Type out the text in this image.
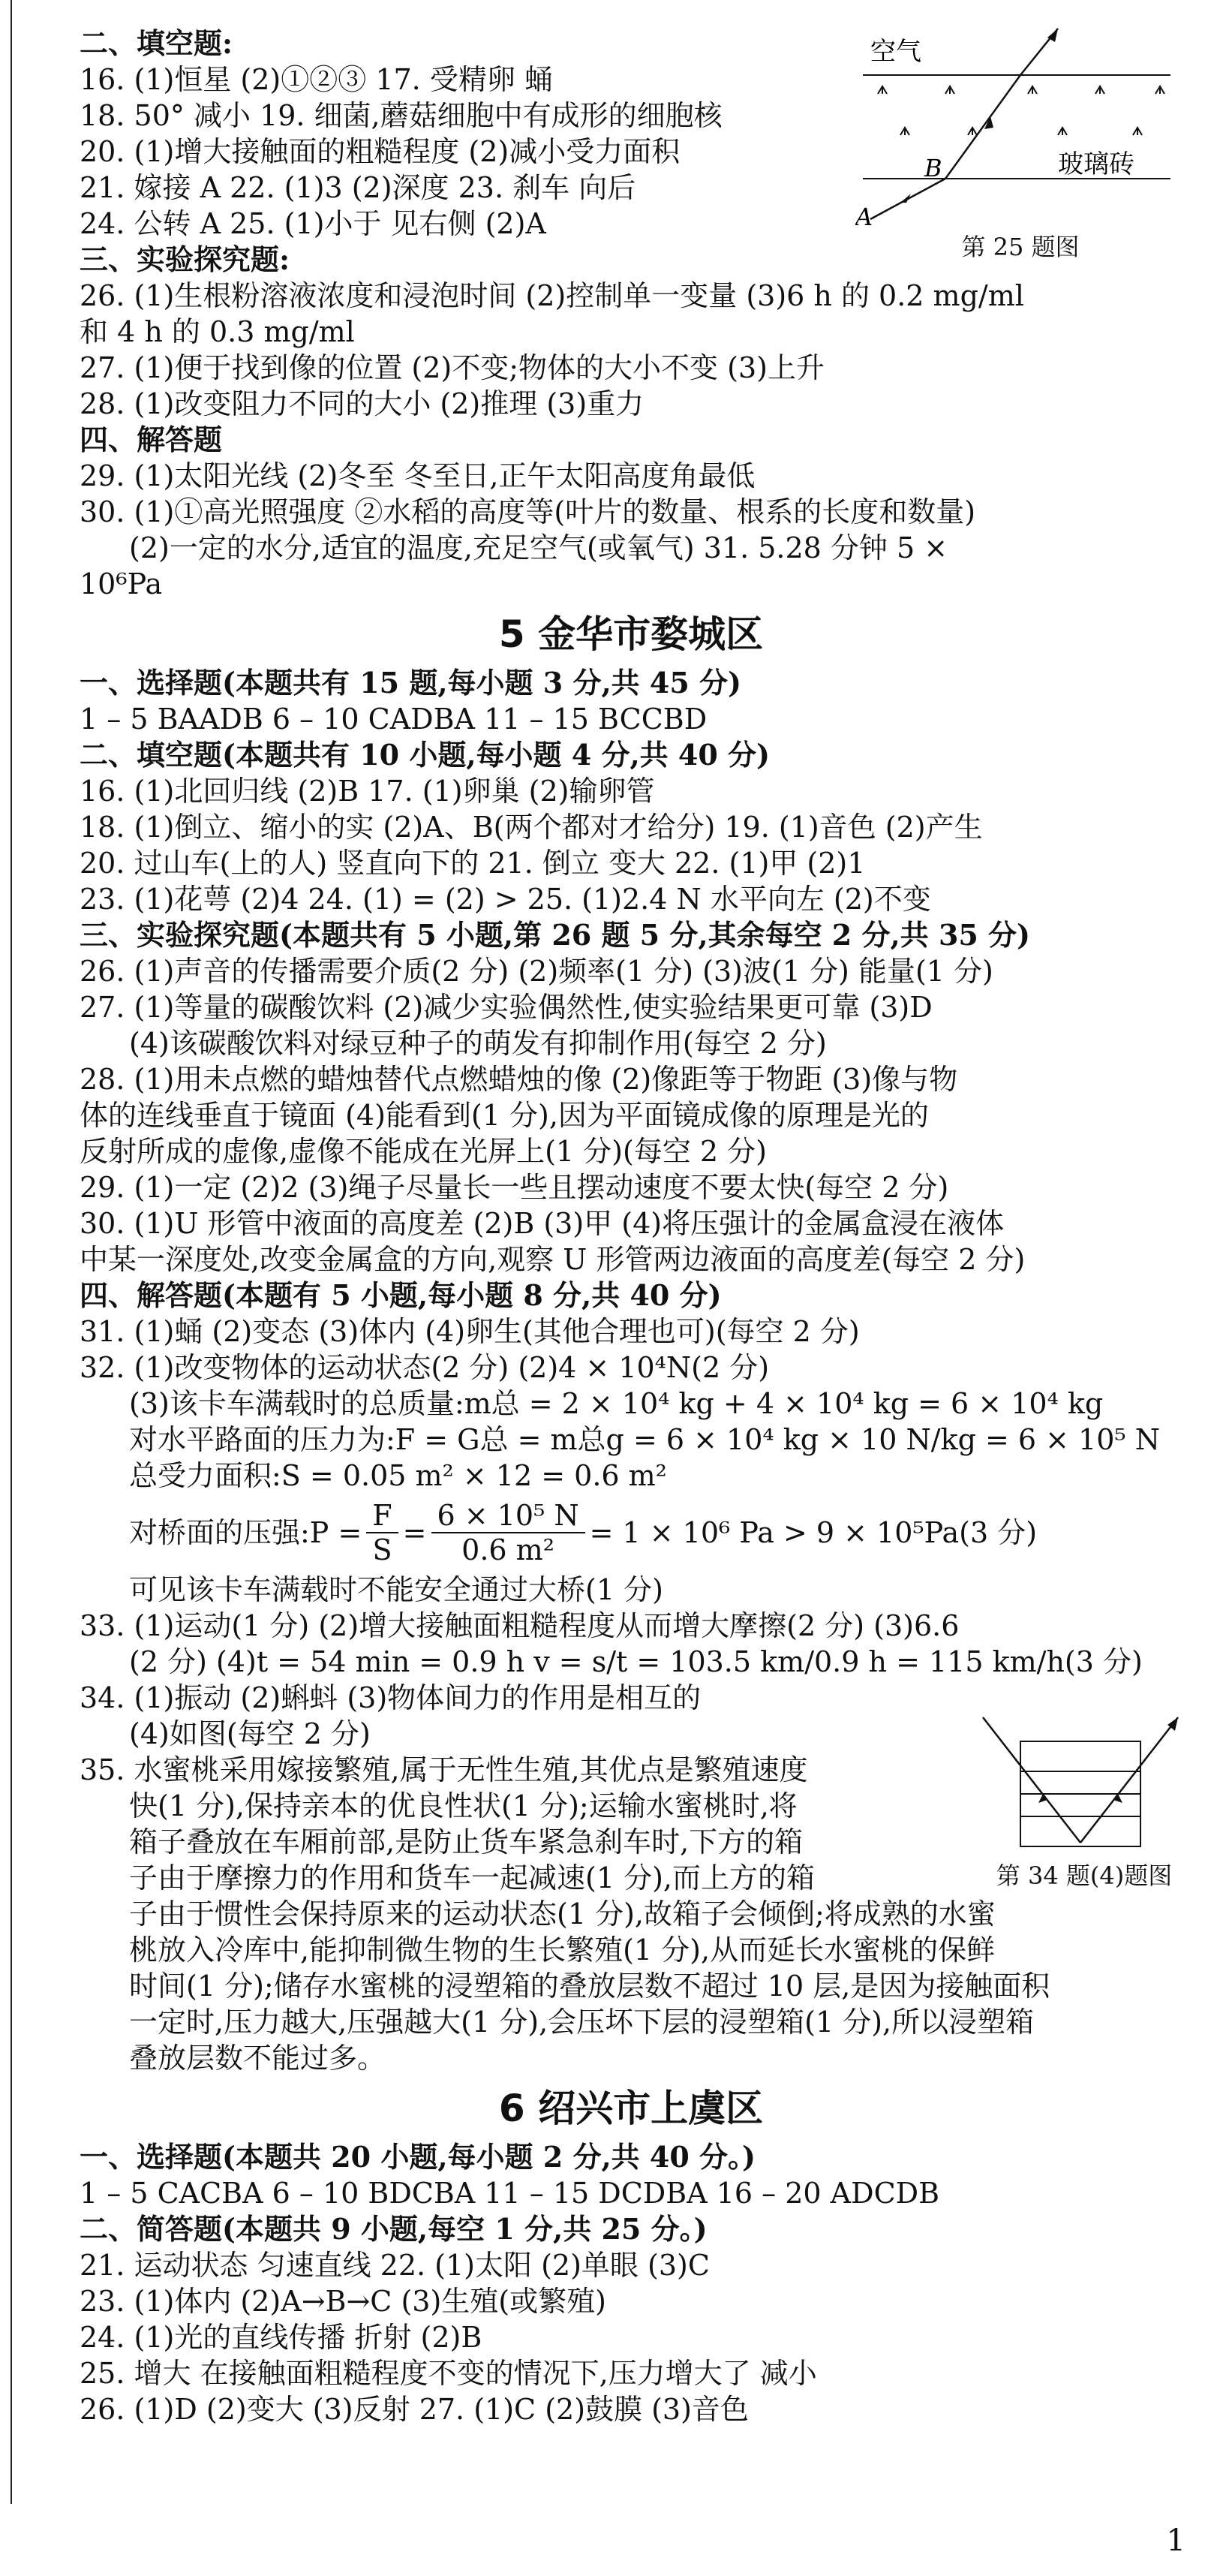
二、填空题:
16. (1)恒星 (2)①②③ 17. 受精卵 蛹
18. 50° 减小 19. 细菌,蘑菇细胞中有成形的细胞核
20. (1)增大接触面的粗糙程度 (2)减小受力面积
21. 嫁接 A 22. (1)3 (2)深度 23. 刹车 向后
24. 公转 A 25. (1)小于 见右侧 (2)A
三、实验探究题:
26. (1)生根粉溶液浓度和浸泡时间 (2)控制单一变量 (3)6 h 的 0.2 mg/ml
和 4 h 的 0.3 mg/ml
27. (1)便于找到像的位置 (2)不变;物体的大小不变 (3)上升
28. (1)改变阻力不同的大小 (2)推理 (3)重力
四、解答题
29. (1)太阳光线 (2)冬至 冬至日,正午太阳高度角最低
30. (1)①高光照强度 ②水稻的高度等(叶片的数量、根系的长度和数量)
(2)一定的水分,适宜的温度,充足空气(或氧气) 31. 5.28 分钟 5 ×
10⁶Pa
5 金华市婺城区
一、选择题(本题共有 15 题,每小题 3 分,共 45 分)
1 – 5 BAADB 6 – 10 CADBA 11 – 15 BCCBD
二、填空题(本题共有 10 小题,每小题 4 分,共 40 分)
16. (1)北回归线 (2)B 17. (1)卵巢 (2)输卵管
18. (1)倒立、缩小的实 (2)A、B(两个都对才给分) 19. (1)音色 (2)产生
20. 过山车(上的人) 竖直向下的 21. 倒立 变大 22. (1)甲 (2)1
23. (1)花萼 (2)4 24. (1) = (2) > 25. (1)2.4 N 水平向左 (2)不变
三、实验探究题(本题共有 5 小题,第 26 题 5 分,其余每空 2 分,共 35 分)
26. (1)声音的传播需要介质(2 分) (2)频率(1 分) (3)波(1 分) 能量(1 分)
27. (1)等量的碳酸饮料 (2)减少实验偶然性,使实验结果更可靠 (3)D
(4)该碳酸饮料对绿豆种子的萌发有抑制作用(每空 2 分)
28. (1)用未点燃的蜡烛替代点燃蜡烛的像 (2)像距等于物距 (3)像与物
体的连线垂直于镜面 (4)能看到(1 分),因为平面镜成像的原理是光的
反射所成的虚像,虚像不能成在光屏上(1 分)(每空 2 分)
29. (1)一定 (2)2 (3)绳子尽量长一些且摆动速度不要太快(每空 2 分)
30. (1)U 形管中液面的高度差 (2)B (3)甲 (4)将压强计的金属盒浸在液体
中某一深度处,改变金属盒的方向,观察 U 形管两边液面的高度差(每空 2 分)
四、解答题(本题有 5 小题,每小题 8 分,共 40 分)
31. (1)蛹 (2)变态 (3)体内 (4)卵生(其他合理也可)(每空 2 分)
32. (1)改变物体的运动状态(2 分) (2)4 × 10⁴N(2 分)
(3)该卡车满载时的总质量:m总 = 2 × 10⁴ kg + 4 × 10⁴ kg = 6 × 10⁴ kg
对水平路面的压力为:F = G总 = m总g = 6 × 10⁴ kg × 10 N/kg = 6 × 10⁵ N
总受力面积:S = 0.05 m² × 12 = 0.6 m²
对桥面的压强:P = $\frac{F}{S} = \frac{\text{6 × 10⁵ N}}{\text{0.6 m²}} = 1 \times 10^6$ Pa > 9 × 10⁵Pa(3 分)
可见该卡车满载时不能安全通过大桥(1 分)
33. (1)运动(1 分) (2)增大接触面粗糙程度从而增大摩擦(2 分) (3)6.6
(2 分) (4)t = 54 min = 0.9 h v = s/t = 103.5 km/0.9 h = 115 km/h(3 分)
34. (1)振动 (2)蝌蚪 (3)物体间力的作用是相互的
(4)如图(每空 2 分)
35. 水蜜桃采用嫁接繁殖,属于无性生殖,其优点是繁殖速度
快(1 分),保持亲本的优良性状(1 分);运输水蜜桃时,将
箱子叠放在车厢前部,是防止货车紧急刹车时,下方的箱
子由于摩擦力的作用和货车一起减速(1 分),而上方的箱
子由于惯性会保持原来的运动状态(1 分),故箱子会倾倒;将成熟的水蜜
桃放入冷库中,能抑制微生物的生长繁殖(1 分),从而延长水蜜桃的保鲜
时间(1 分);储存水蜜桃的浸塑箱的叠放层数不超过 10 层,是因为接触面积
一定时,压力越大,压强越大(1 分),会压坏下层的浸塑箱(1 分),所以浸塑箱
叠放层数不能过多。
6 绍兴市上虞区
一、选择题(本题共 20 小题,每小题 2 分,共 40 分。)
1 – 5 CACBA 6 – 10 BDCBA 11 – 15 DCDBA 16 – 20 ADCDB
二、简答题(本题共 9 小题,每空 1 分,共 25 分。)
21. 运动状态 匀速直线 22. (1)太阳 (2)单眼 (3)C
23. (1)体内 (2)A→B→C (3)生殖(或繁殖)
24. (1)光的直线传播 折射 (2)B
25. 增大 在接触面粗糙程度不变的情况下,压力增大了 减小
26. (1)D (2)变大 (3)反射 27. (1)C (2)鼓膜 (3)音色
空气
玻璃砖
B
A
第 25 题图
第 34 题(4)题图
1
